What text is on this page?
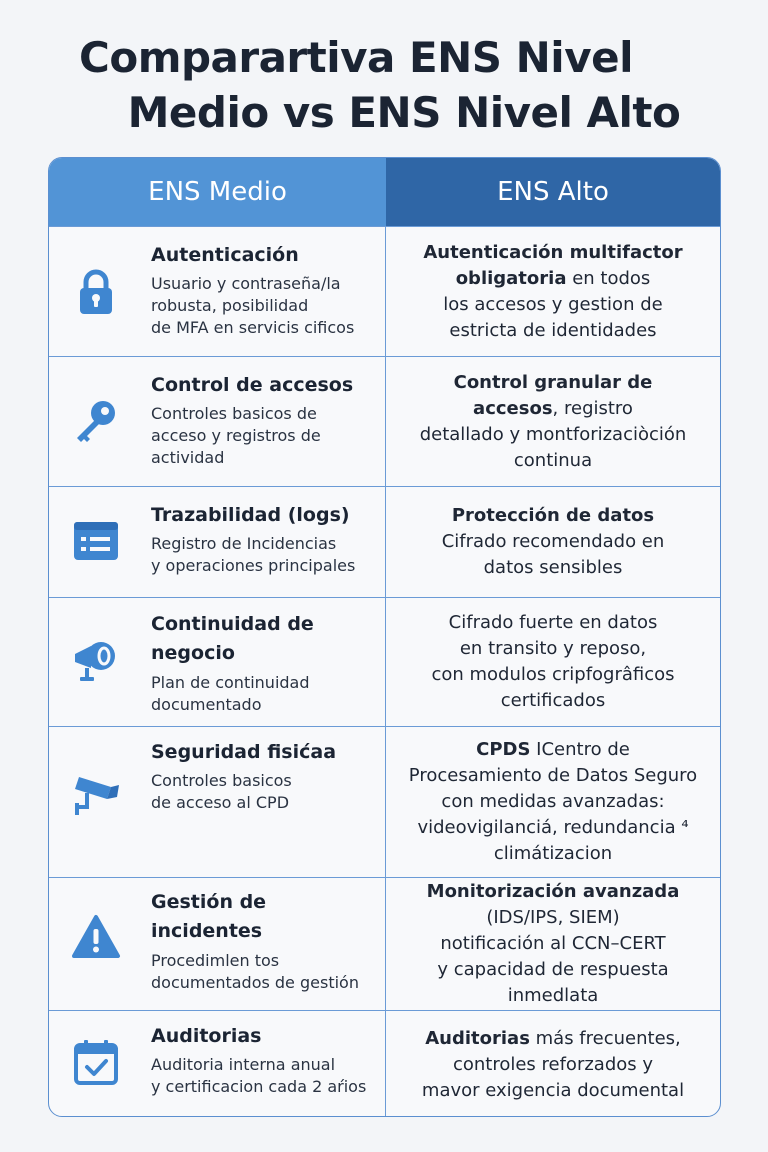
Comparartiva ENS Nivel
Medio vs ENS Nivel Alto
ENS Medio	ENS Alto
Autenticación
Usuario y contraseña/la
robusta, posibilidad
de MFA en servicis cificos
Autenticación multifactor
obligatoria en todos
los accesos y gestion de
estricta de identidades
Control de accesos
Controles basicos de
acceso y registros de
actividad
Control granular de
accesos, registro
detallado y montforizaciòción
continua
Trazabilidad (logs)
Registro de Incidencias
y operaciones principales
Protección de datos
Cifrado recomendado en
datos sensibles
Continuidad de negocio
Plan de continuidad
documentado
Cifrado fuerte en datos
en transito y reposo,
con modulos cripfogrâficos
certificados
Seguridad fisićaa
Controles basicos
de acceso al CPD
CPDS ICentro de
Procesamiento de Datos Seguro
con medidas avanzadas:
videovigilanciá, redundancia ⁴
climátizacion
Gestión de incidentes
Procedimlen tos
documentados de gestión
Monitorización avanzada
(IDS/IPS, SIEM)
notificación al CCN–CERT
y capacidad de respuesta
inmedlata
Auditorias
Auditoria interna anual
y certificacion cada 2 aŕios
Auditorias más frecuentes,
controles reforzados y
mavor exigencia documental
